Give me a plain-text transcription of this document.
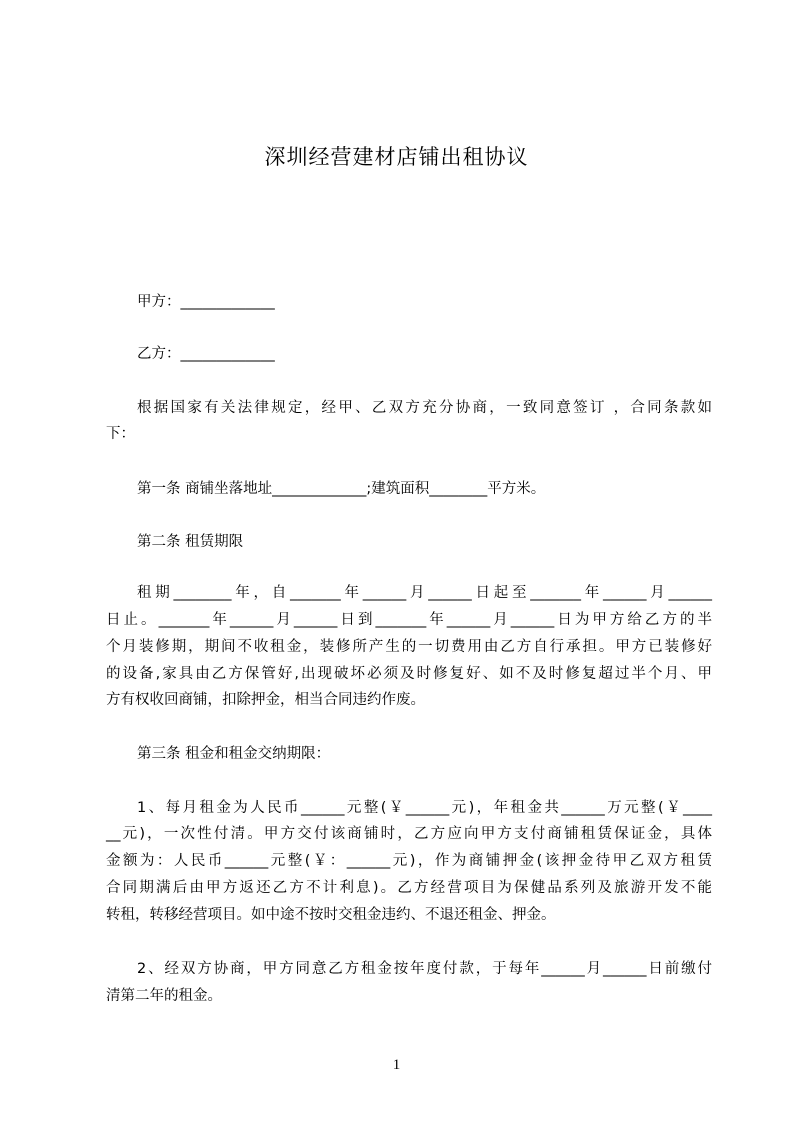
深圳经营建材店铺出租协议
甲方：_____________
乙方：_____________
根据国家有关法律规定，经甲、乙双方充分协商，一致同意签订 ，合同条款如
下：
第一条 商铺坐落地址_____________;建筑面积________平方米。
第二条 租赁期限
租期________年，自_______年______月______日起至_______年______月______
日止。_______年______月______日到_______年______月______日为甲方给乙方的半
个月装修期，期间不收租金，装修所产生的一切费用由乙方自行承担。甲方已装修好
的设备,家具由乙方保管好,出现破坏必须及时修复好、如不及时修复超过半个月、甲
方有权收回商铺，扣除押金，相当合同违约作废。
第三条 租金和租金交纳期限：
1、每月租金为人民币______元整(￥______元)，年租金共______万元整(￥____
__元)，一次性付清。甲方交付该商铺时，乙方应向甲方支付商铺租赁保证金，具体
金额为：人民币______元整(￥：______元)，作为商铺押金(该押金待甲乙双方租赁
合同期满后由甲方返还乙方不计利息)。乙方经营项目为保健品系列及旅游开发不能
转租，转移经营项目。如中途不按时交租金违约、不退还租金、押金。
2、经双方协商，甲方同意乙方租金按年度付款，于每年______月______日前缴付
清第二年的租金。
1
